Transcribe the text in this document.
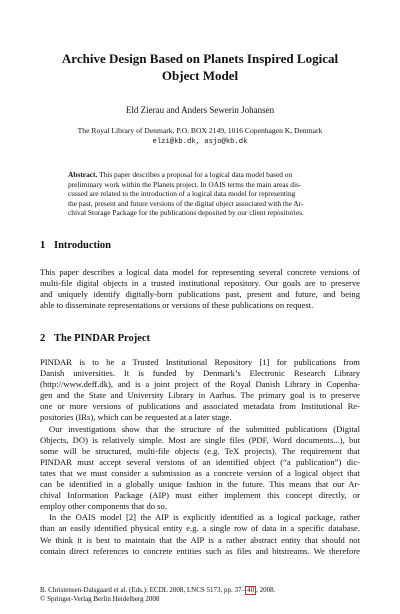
Archive Design Based on Planets Inspired Logical
Object Model
Eld Zierau and Anders Sewerin Johansen
The Royal Library of Denmark, P.O. BOX 2149, 1016 Copenhagen K, Denmark
elzi@kb.dk, asjo@kb.dk
Abstract. This paper describes a proposal for a logical data model based on
preliminary work within the Planets project. In OAIS terms the main areas dis-
cussed are related to the introduction of a logical data model for representing
the past, present and future versions of the digital object associated with the Ar-
chival Storage Package for the publications deposited by our client repositories.
1 Introduction
This paper describes a logical data model for representing several concrete versions of
multi-file digital objects in a trusted institutional repository. Our goals are to preserve
and uniquely identify digitally-born publications past, present and future, and being
able to disseminate representations or versions of these publications on request.
2 The PINDAR Project
PINDAR is to be a Trusted Institutional Repository [1] for publications from
Danish universities. It is funded by Denmark’s Electronic Research Library
(http://www.deff.dk), and is a joint project of the Royal Danish Library in Copenha-
gen and the State and University Library in Aarhus. The primary goal is to preserve
one or more versions of publications and associated metadata from Institutional Re-
positories (IRs), which can be requested at a later stage.
Our investigations show that the structure of the submitted publications (Digital
Objects, DO) is relatively simple. Most are single files (PDF, Word documents...), but
some will be structured, multi-file objects (e.g. TeX projects). The requirement that
PINDAR must accept several versions of an identified object (“a publication”) dic-
tates that we must consider a submission as a concrete version of a logical object that
can be identified in a globally unique fashion in the future. This means that our Ar-
chival Information Package (AIP) must either implement this concept directly, or
employ other components that do so.
In the OAIS model [2] the AIP is explicitly identified as a logical package, rather
than an easily identified physical entity e.g. a single row of data in a specific database.
We think it is best to maintain that the AIP is a rather abstract entity that should not
contain direct references to concrete entities such as files and bitstreams. We therefore
B. Christensen-Dalsgaard et al. (Eds.): ECDL 2008, LNCS 5173, pp. 37– 40 , 2008.
© Springer-Verlag Berlin Heidelberg 2008
